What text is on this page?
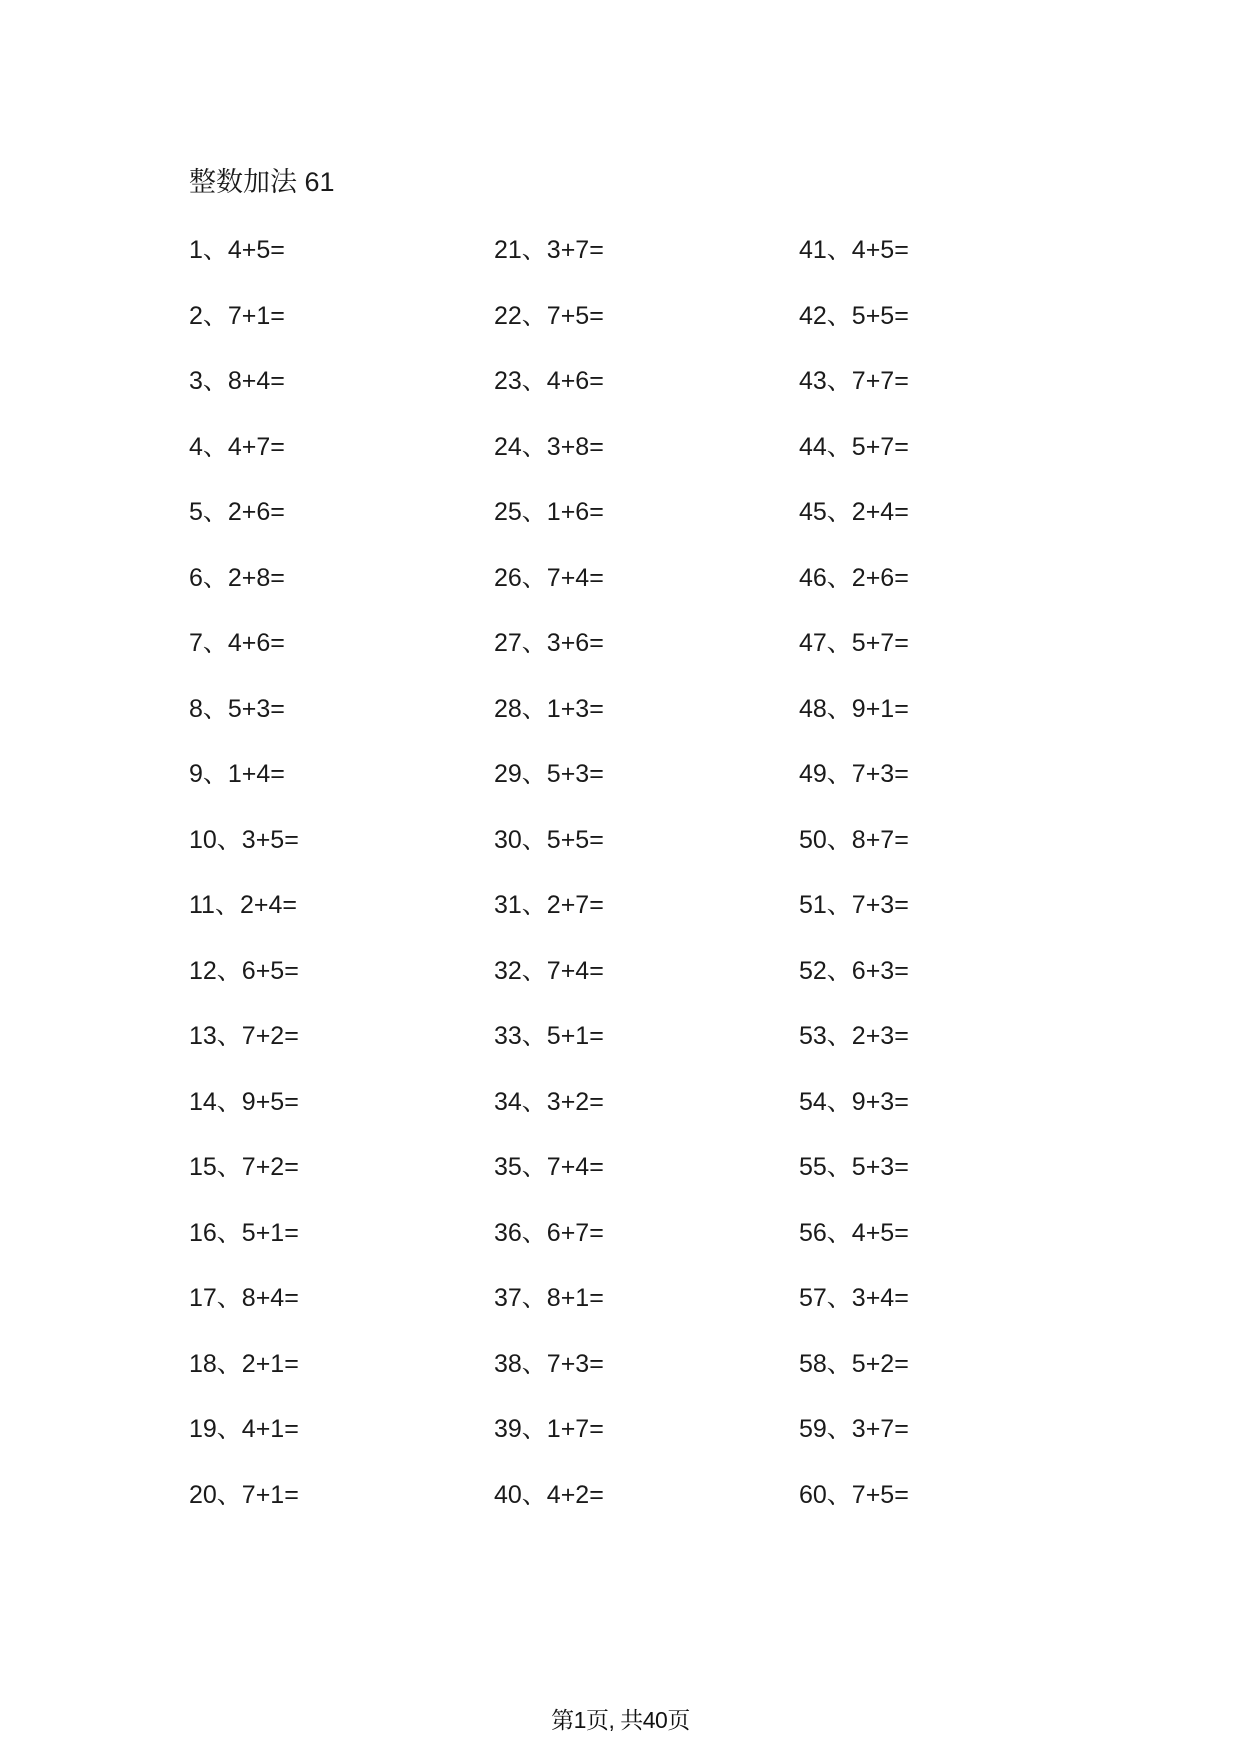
整数加法 61
1、4+5=
2、7+1=
3、8+4=
4、4+7=
5、2+6=
6、2+8=
7、4+6=
8、5+3=
9、1+4=
10、3+5=
11、2+4=
12、6+5=
13、7+2=
14、9+5=
15、7+2=
16、5+1=
17、8+4=
18、2+1=
19、4+1=
20、7+1=
21、3+7=
22、7+5=
23、4+6=
24、3+8=
25、1+6=
26、7+4=
27、3+6=
28、1+3=
29、5+3=
30、5+5=
31、2+7=
32、7+4=
33、5+1=
34、3+2=
35、7+4=
36、6+7=
37、8+1=
38、7+3=
39、1+7=
40、4+2=
41、4+5=
42、5+5=
43、7+7=
44、5+7=
45、2+4=
46、2+6=
47、5+7=
48、9+1=
49、7+3=
50、8+7=
51、7+3=
52、6+3=
53、2+3=
54、9+3=
55、5+3=
56、4+5=
57、3+4=
58、5+2=
59、3+7=
60、7+5=
第1页, 共40页
